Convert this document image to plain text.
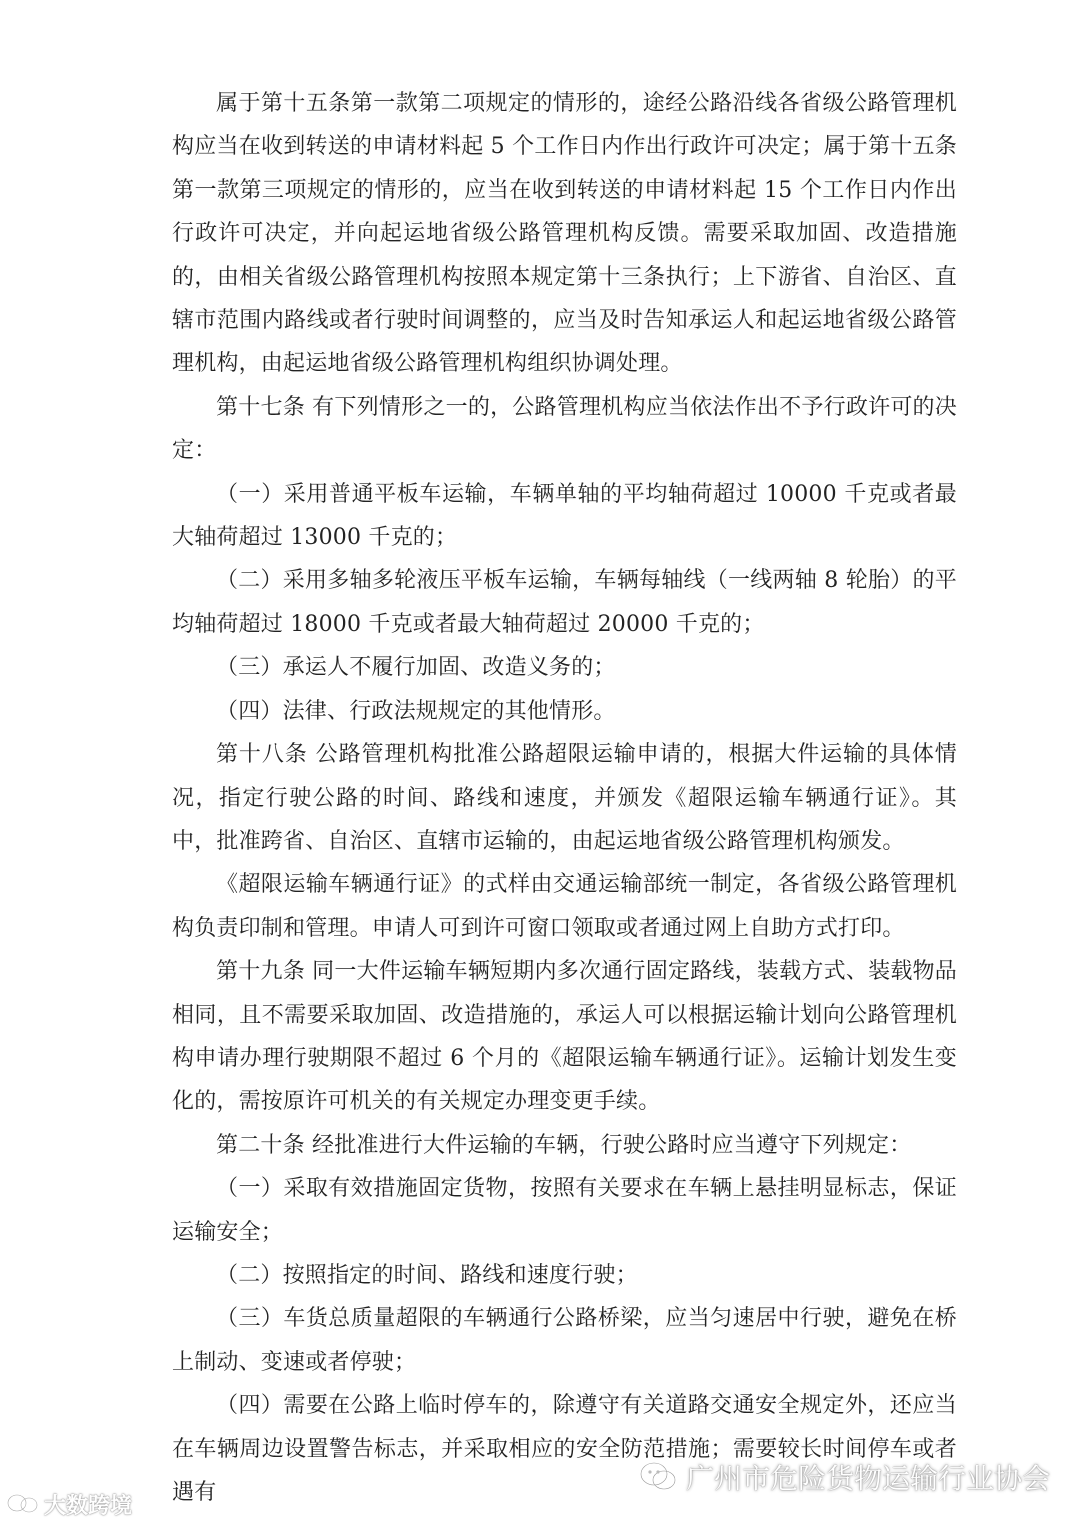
属于第十五条第一款第二项规定的情形的，途经公路沿线各省级公路管理机构应当在收到转送的申请材料起 5 个工作日内作出行政许可决定；属于第十五条第一款第三项规定的情形的，应当在收到转送的申请材料起 15 个工作日内作出行政许可决定，并向起运地省级公路管理机构反馈。需要采取加固、改造措施的，由相关省级公路管理机构按照本规定第十三条执行；上下游省、自治区、直辖市范围内路线或者行驶时间调整的，应当及时告知承运人和起运地省级公路管理机构，由起运地省级公路管理机构组织协调处理。

第十七条 有下列情形之一的，公路管理机构应当依法作出不予行政许可的决定：

（一）采用普通平板车运输，车辆单轴的平均轴荷超过 10000 千克或者最大轴荷超过 13000 千克的；

（二）采用多轴多轮液压平板车运输，车辆每轴线（一线两轴 8 轮胎）的平均轴荷超过 18000 千克或者最大轴荷超过 20000 千克的；

（三）承运人不履行加固、改造义务的；

（四）法律、行政法规规定的其他情形。

第十八条 公路管理机构批准公路超限运输申请的，根据大件运输的具体情况，指定行驶公路的时间、路线和速度，并颁发《超限运输车辆通行证》。其中，批准跨省、自治区、直辖市运输的，由起运地省级公路管理机构颁发。

《超限运输车辆通行证》的式样由交通运输部统一制定，各省级公路管理机构负责印制和管理。申请人可到许可窗口领取或者通过网上自助方式打印。

第十九条 同一大件运输车辆短期内多次通行固定路线，装载方式、装载物品相同，且不需要采取加固、改造措施的，承运人可以根据运输计划向公路管理机构申请办理行驶期限不超过 6 个月的《超限运输车辆通行证》。运输计划发生变化的，需按原许可机关的有关规定办理变更手续。

第二十条 经批准进行大件运输的车辆，行驶公路时应当遵守下列规定：

（一）采取有效措施固定货物，按照有关要求在车辆上悬挂明显标志，保证运输安全；

（二）按照指定的时间、路线和速度行驶；

（三）车货总质量超限的车辆通行公路桥梁，应当匀速居中行驶，避免在桥上制动、变速或者停驶；

（四）需要在公路上临时停车的，除遵守有关道路交通安全规定外，还应当在车辆周边设置警告标志，并采取相应的安全防范措施；需要较长时间停车或者遇有

大数跨境
广州市危险货物运输行业协会
